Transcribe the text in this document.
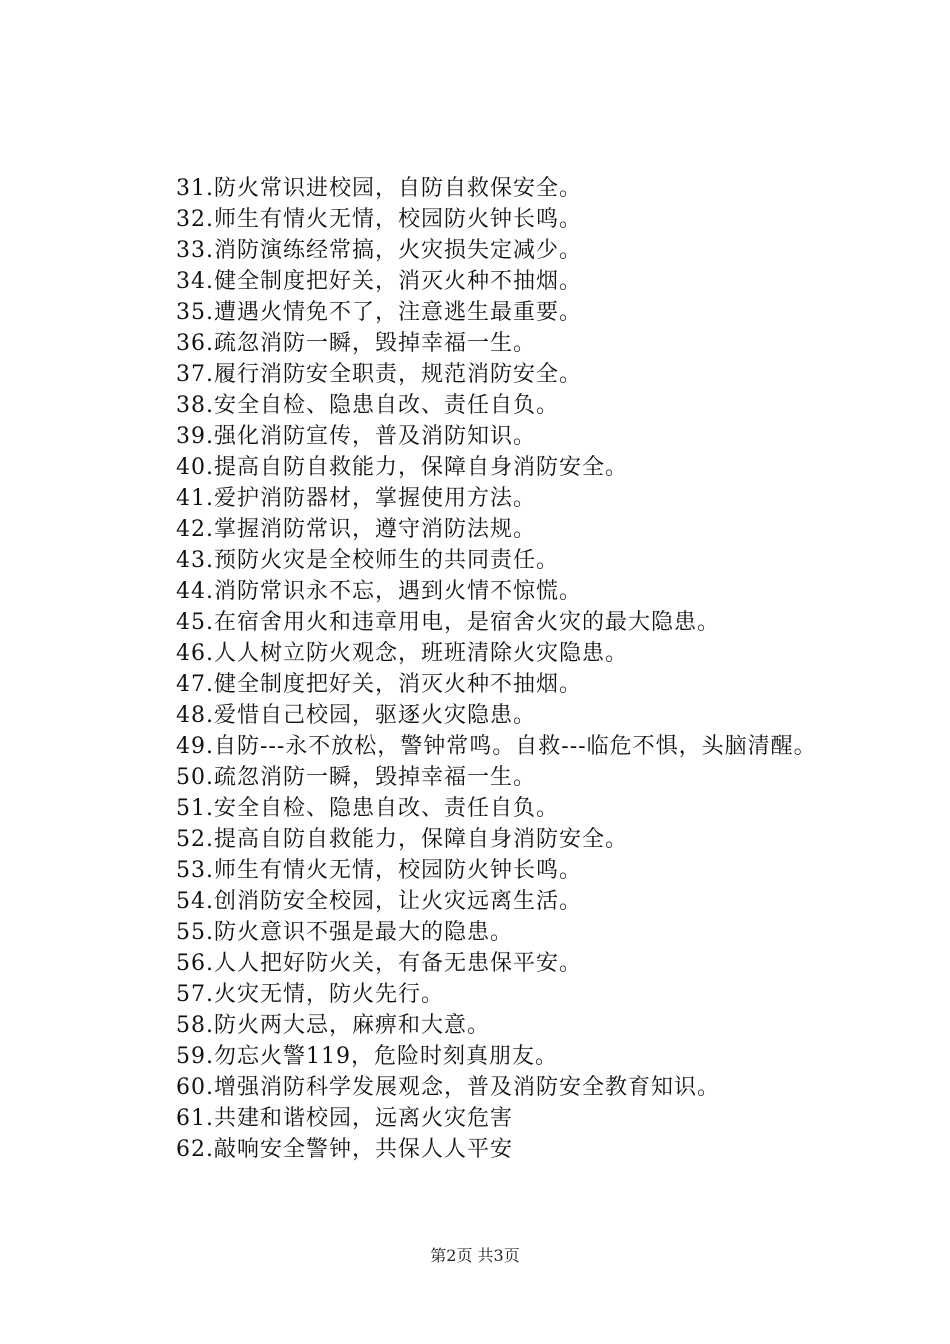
31.防火常识进校园，自防自救保安全。
32.师生有情火无情，校园防火钟长鸣。
33.消防演练经常搞，火灾损失定减少。
34.健全制度把好关，消灭火种不抽烟。
35.遭遇火情免不了，注意逃生最重要。
36.疏忽消防一瞬，毁掉幸福一生。
37.履行消防安全职责，规范消防安全。
38.安全自检、隐患自改、责任自负。
39.强化消防宣传，普及消防知识。
40.提高自防自救能力，保障自身消防安全。
41.爱护消防器材，掌握使用方法。
42.掌握消防常识，遵守消防法规。
43.预防火灾是全校师生的共同责任。
44.消防常识永不忘，遇到火情不惊慌。
45.在宿舍用火和违章用电，是宿舍火灾的最大隐患。
46.人人树立防火观念，班班清除火灾隐患。
47.健全制度把好关，消灭火种不抽烟。
48.爱惜自己校园，驱逐火灾隐患。
49.自防---永不放松，警钟常鸣。自救---临危不惧，头脑清醒。
50.疏忽消防一瞬，毁掉幸福一生。
51.安全自检、隐患自改、责任自负。
52.提高自防自救能力，保障自身消防安全。
53.师生有情火无情，校园防火钟长鸣。
54.创消防安全校园，让火灾远离生活。
55.防火意识不强是最大的隐患。
56.人人把好防火关，有备无患保平安。
57.火灾无情，防火先行。
58.防火两大忌，麻痹和大意。
59.勿忘火警119，危险时刻真朋友。
60.增强消防科学发展观念，普及消防安全教育知识。
61.共建和谐校园，远离火灾危害
62.敲响安全警钟，共保人人平安
第2页 共3页
